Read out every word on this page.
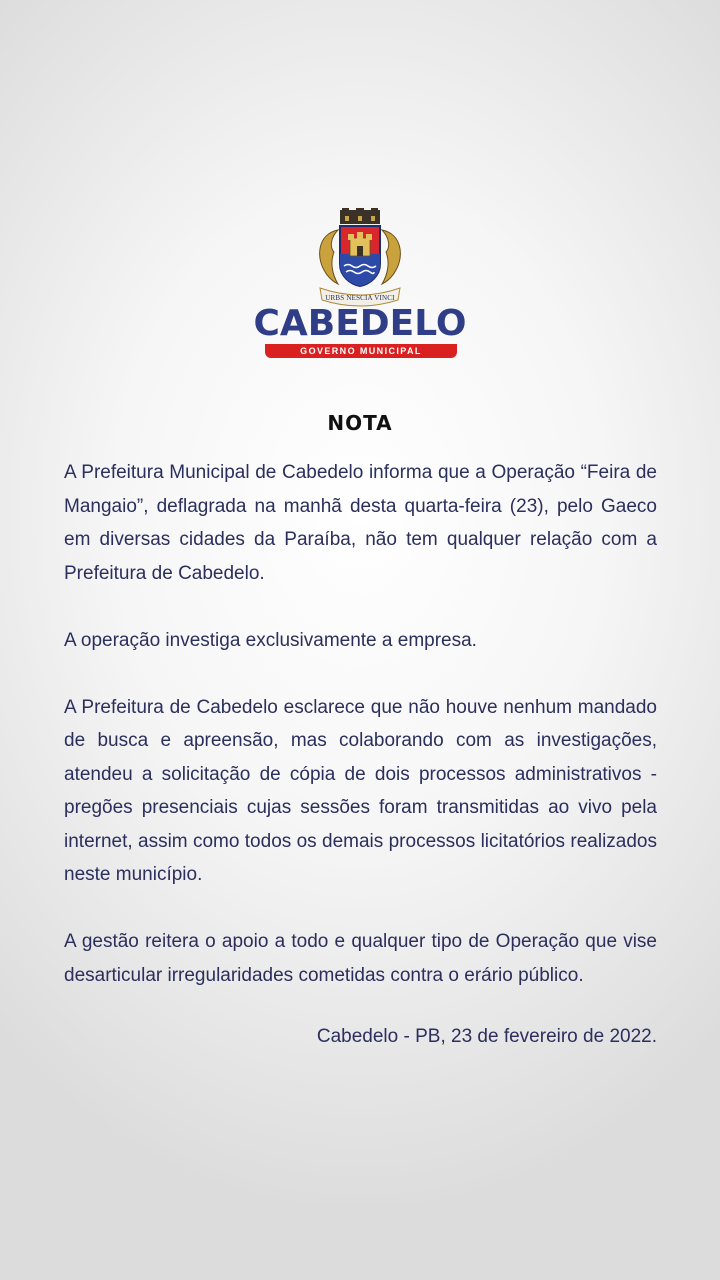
URBS NESCIA VINCI
CABEDELO
GOVERNO MUNICIPAL
NOTA

A Prefeitura Municipal de Cabedelo informa que a Operação “Feira de Mangaio”, deflagrada na manhã desta quarta-feira (23), pelo Gaeco em diversas cidades da Paraíba, não tem qualquer relação com a Prefeitura de Cabedelo.

A operação investiga exclusivamente a empresa.

A Prefeitura de Cabedelo esclarece que não houve nenhum mandado de busca e apreensão, mas colaborando com as investigações, atendeu a solicitação de cópia de dois processos administrativos - pregões presenciais cujas sessões foram transmitidas ao vivo pela internet, assim como todos os demais processos licitatórios realizados neste município.

A gestão reitera o apoio a todo e qualquer tipo de Operação que vise desarticular irregularidades cometidas contra o erário público.

Cabedelo - PB, 23 de fevereiro de 2022.
